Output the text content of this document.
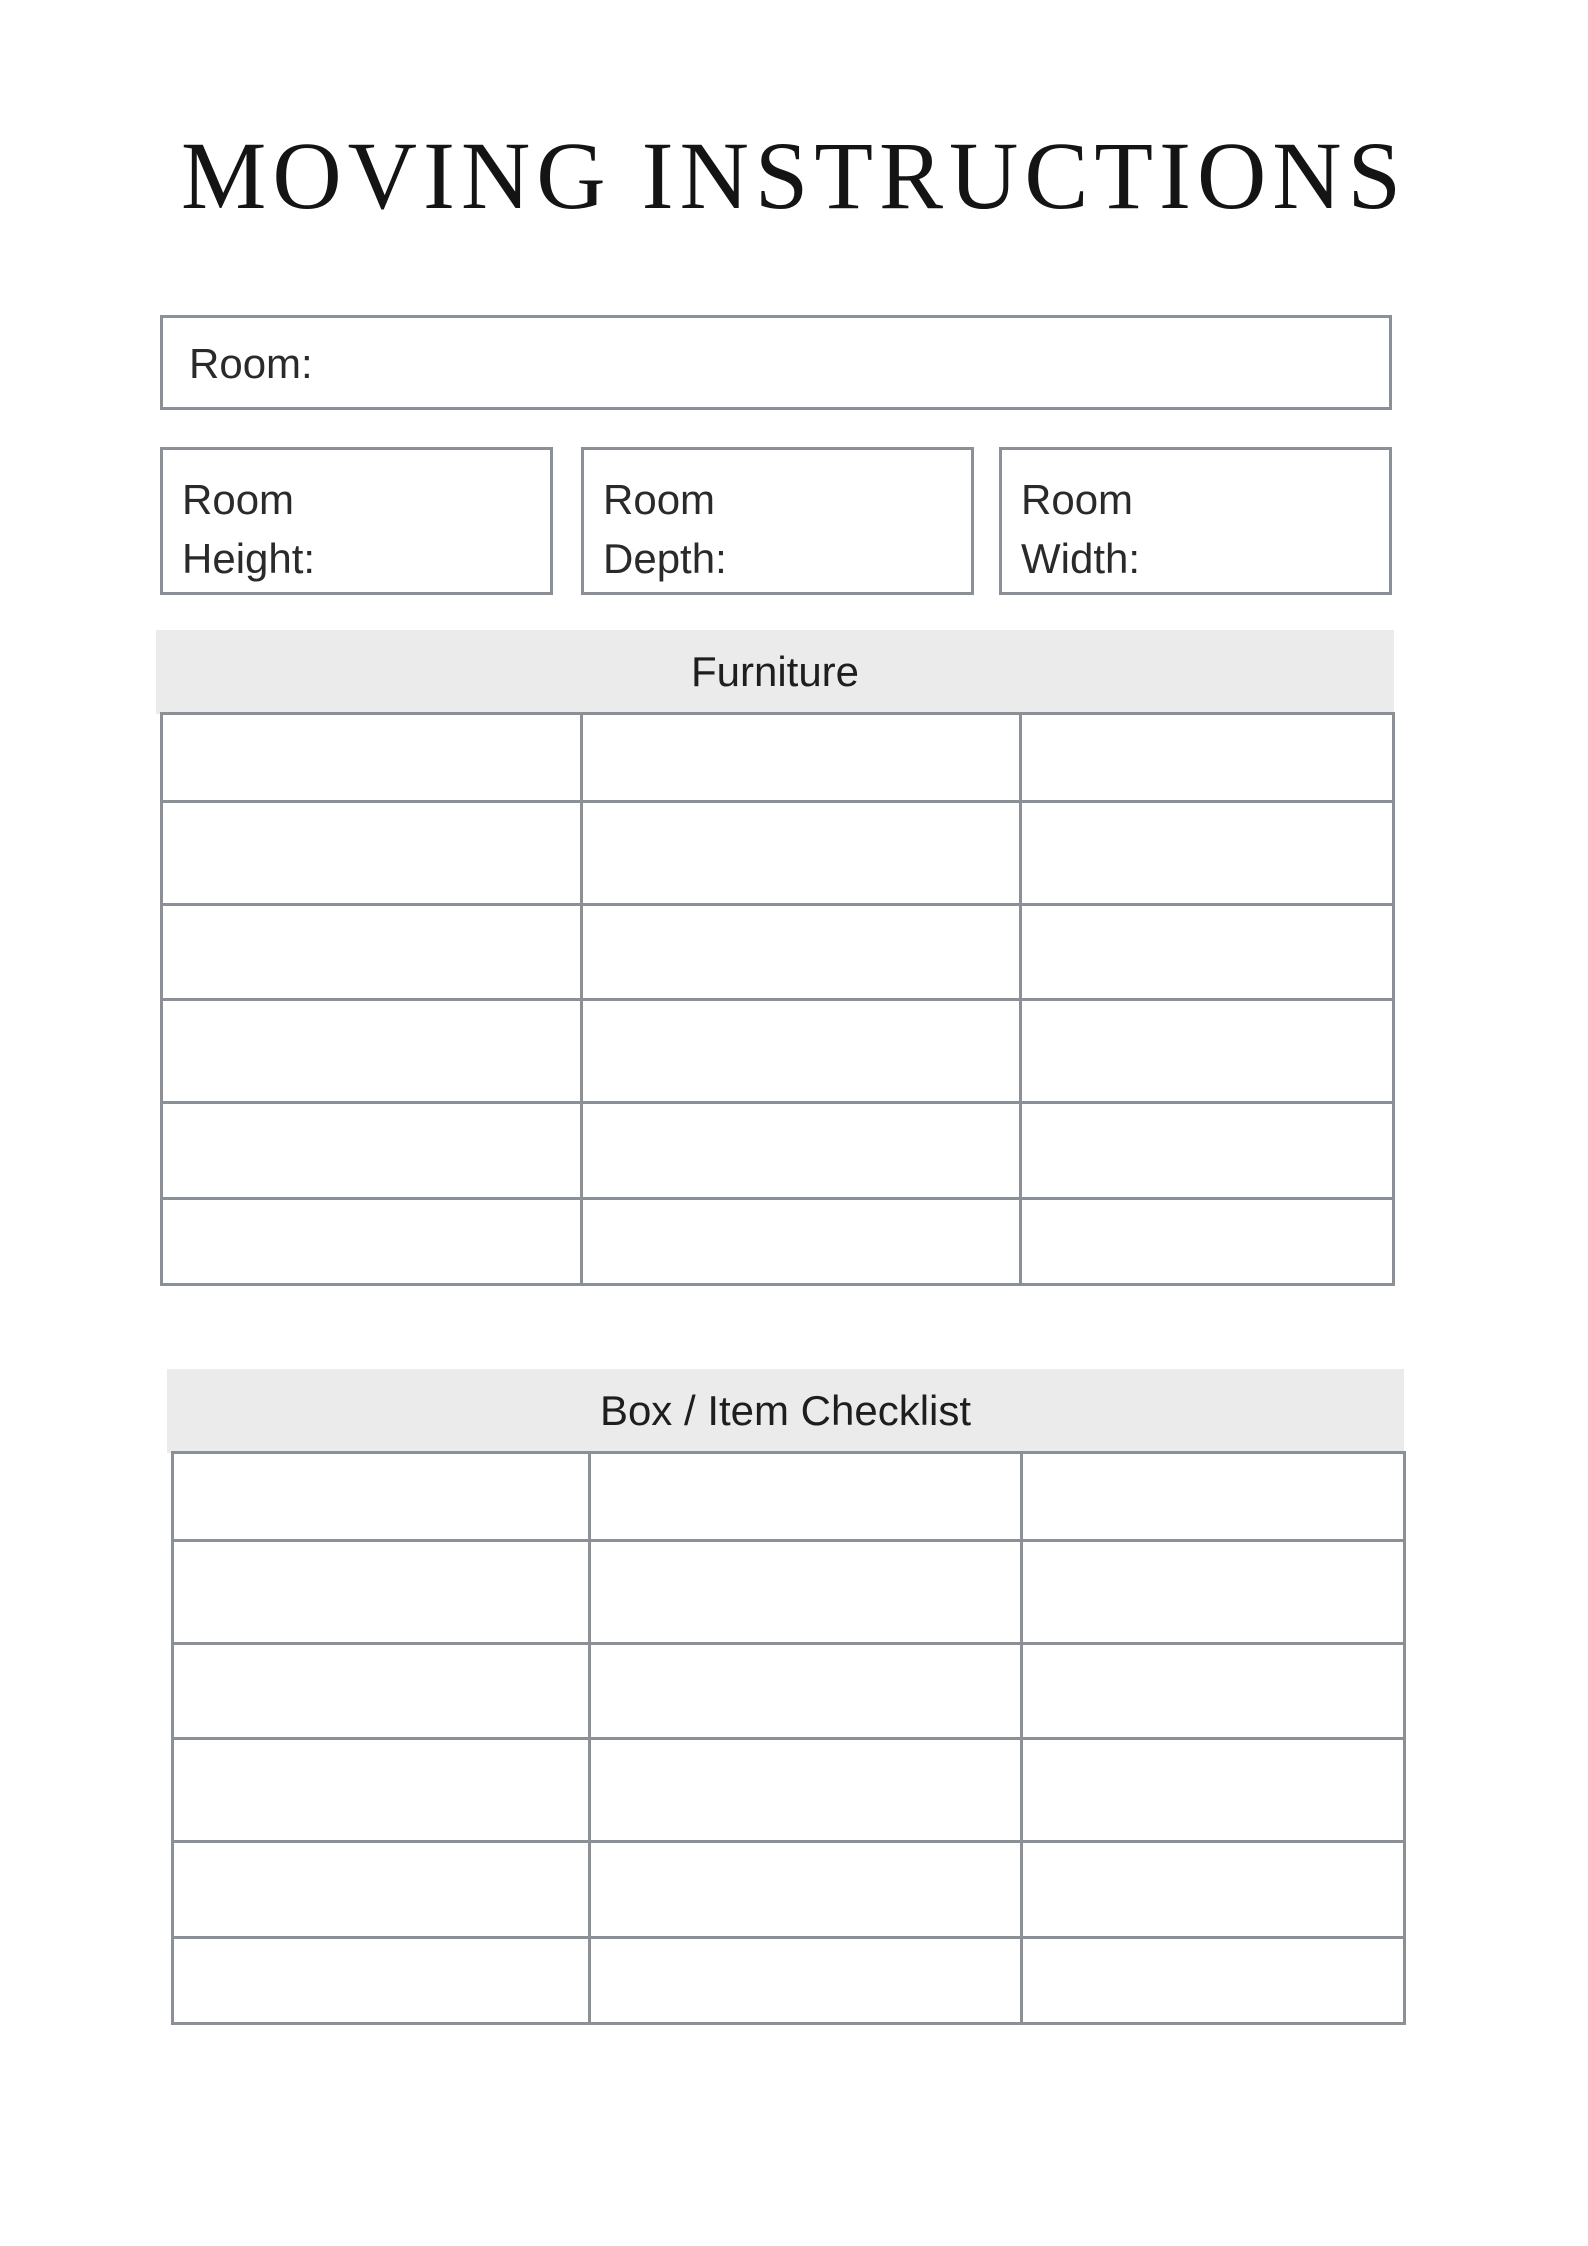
MOVING INSTRUCTIONS
Room:
Room
Height:
Room
Depth:
Room
Width:
Furniture

Box / Item Checklist
